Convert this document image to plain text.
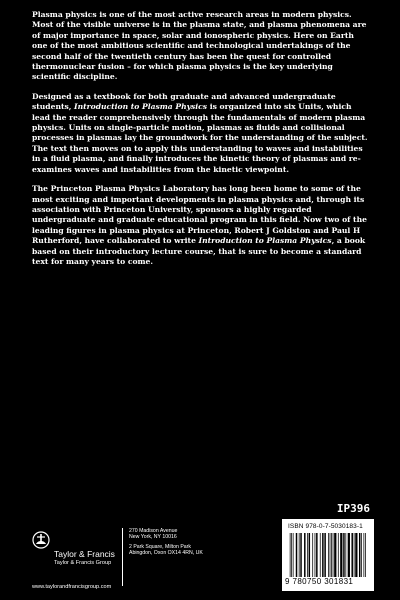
Plasma physics is one of the most active research areas in modern physics. Most of the visible universe is in the plasma state, and plasma phenomena are of major importance in space, solar and ionospheric physics. Here on Earth one of the most ambitious scientific and technological undertakings of the second half of the twentieth century has been the quest for controlled thermonuclear fusion – for which plasma physics is the key underlying scientific discipline.

Designed as a textbook for both graduate and advanced undergraduate students, Introduction to Plasma Physics is organized into six Units, which lead the reader comprehensively through the fundamentals of modern plasma physics. Units on single-particle motion, plasmas as fluids and collisional processes in plasmas lay the groundwork for the understanding of the subject. The text then moves on to apply this understanding to waves and instabilities in a fluid plasma, and finally introduces the kinetic theory of plasmas and re-examines waves and instabilities from the kinetic viewpoint.

The Princeton Plasma Physics Laboratory has long been home to some of the most exciting and important developments in plasma physics and, through its association with Princeton University, sponsors a highly regarded undergraduate and graduate educational program in this field. Now two of the leading figures in plasma physics at Princeton, Robert J Goldston and Paul H Rutherford, have collaborated to write Introduction to Plasma Physics, a book based on their introductory lecture course, that is sure to become a standard text for many years to come.

IP396
ISBN 978-0-7-5030183-1
9 780750 301831
Taylor & Francis
Taylor & Francis Group
www.taylorandfrancisgroup.com
270 Madison Avenue
New York, NY 10016
2 Park Square, Milton Park
Abingdon, Oxon OX14 4RN, UK
